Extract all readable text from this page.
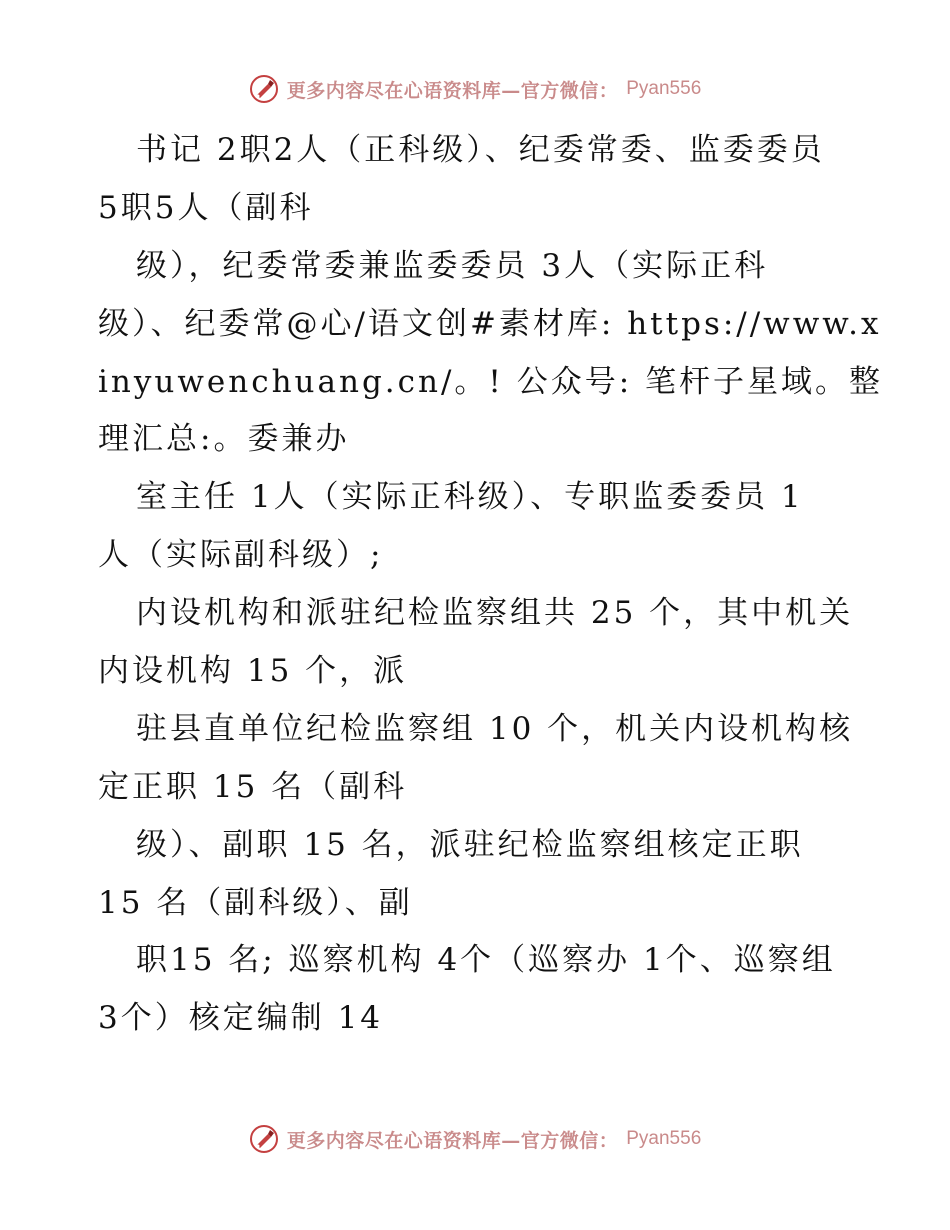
更多内容尽在心语资料库—官方微信： Pyan556
书记 2职2人（正科级）、纪委常委、监委委员
5职5人（副科
级），纪委常委兼监委委员 3人（实际正科
级）、纪委常@心/语文创#素材库: https://www.x
inyuwenchuang.cn/。! 公众号: 笔杆子星域。整
理汇总:。委兼办
室主任 1人（实际正科级）、专职监委委员 1
人（实际副科级）;
内设机构和派驻纪检监察组共 25 个，其中机关
内设机构 15 个，派
驻县直单位纪检监察组 10 个，机关内设机构核
定正职 15 名（副科
级）、副职 15 名，派驻纪检监察组核定正职
15 名（副科级）、副
职15 名; 巡察机构 4个（巡察办 1个、巡察组
3个）核定编制 14
更多内容尽在心语资料库—官方微信： Pyan556
